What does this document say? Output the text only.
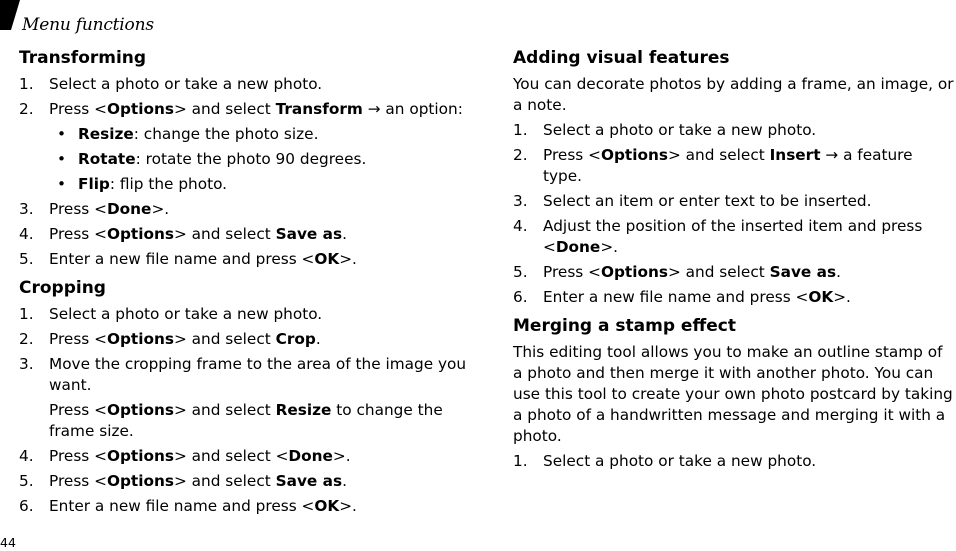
Menu functions
Transforming
1. Select a photo or take a new photo.
2. Press <Options> and select Transform → an option:
• Resize: change the photo size.
• Rotate: rotate the photo 90 degrees.
• Flip: flip the photo.
3. Press <Done>.
4. Press <Options> and select Save as.
5. Enter a new file name and press <OK>.
Cropping
1. Select a photo or take a new photo.
2. Press <Options> and select Crop.
3. Move the cropping frame to the area of the image you want.
Press <Options> and select Resize to change the frame size.
4. Press <Options> and select <Done>.
5. Press <Options> and select Save as.
6. Enter a new file name and press <OK>.
Adding visual features

You can decorate photos by adding a frame, an image, or a note.

1. Select a photo or take a new photo.
2. Press <Options> and select Insert → a feature type.
3. Select an item or enter text to be inserted.
4. Adjust the position of the inserted item and press <Done>.
5. Press <Options> and select Save as.
6. Enter a new file name and press <OK>.
Merging a stamp effect

This editing tool allows you to make an outline stamp of a photo and then merge it with another photo. You can use this tool to create your own photo postcard by taking a photo of a handwritten message and merging it with a photo.

1. Select a photo or take a new photo.
44
